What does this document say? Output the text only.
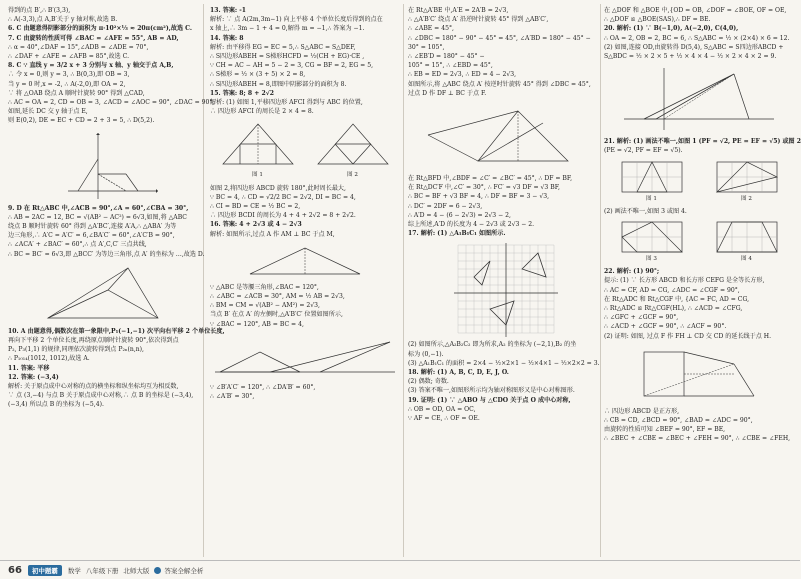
得到的点 B′,∴ B′(3,3),
∴ A(-3,3),点 A,B′关于 y 轴对称,故选 B.
6. C 由题意得阴影部分的面积为 π·10²×⅓ ≈ 20π(cm²),故选 C.
7. C 由旋转的性质可得 ∠BAC = ∠AFE = 55°, AB = AD,
∴ α = 40°,∠DAF = 15°,∠ADB = ∠ADE = 70°,
∴ ∠DAF + ∠AFE = ∠AFB = 85°,故选 C.
8. C ∵ 直线 y = 3/2 x + 3 分别与 x 轴、y 轴交于点 A,B,
∴ 令 x = 0,则 y = 3, ∴ B(0,3),即 OB = 3,
当 y = 0 时,x = -2, ∴ A(-2,0),即 OA = 2,
∵ 将 △OAB 绕点 A 顺时针旋转 90° 得到 △CAD,
∴ AC = OA = 2, CD = OB = 3, ∠ACD = ∠AOC = 90°, ∠DAC = 90°,
如图,延长 DC 交 y 轴于点 E,
则 E(0,2), DE = EC + CD = 2 + 3 = 5, ∴ D(5,2).
9. D 在 Rt△ABC 中,∠ACB = 90°,∠A = 60°,∠CBA = 30°,
∴ AB = 2AC = 12, BC = √(AB² − AC²) = 6√3,如图,将 △ABC
绕点 B 顺时针旋转 60° 得到 △A′BC′,连接 A′A,∴ △ABA′ 为等
边三角形,∴ A′C = A′C′ = 6,∠BA′C′ = 60°,∠A′C′B = 90°,
∴ ∠ACA′ + ∠BAC′ = 60°,∴ 点 A′,C,C′ 三点共线,
∴ BC = BC′ = 6√3,即 △BCC′ 为等边三角形,点 A′ 的坐标为 …,故选 D.
10. A 由题意得,偶数次在第一象限中,P₁(−1,−1) 次平向右平移 2 个单位长度,
再向下平移 2 个单位长度,再绕原点顺时针旋转 90°,依次得到点
P₂, P₃(1,1) 的规律,同理依次旋转得到点 P₂ₙ(n,n),
∴ P₁₀₁₄(1012, 1012),故选 A.
11. 答案: 平移
12. 答案: (−3,4)
解析: 关于原点成中心对称的点的横坐标和纵坐标均互为相反数,
∵ 点 (3,−4) 与点 B 关于原点成中心对称,∴ 点 B 的坐标是 (−3,4),
(−3,4) 所以点 B 的坐标为 (−5,4).
13. 答案: -1
解析: ∵ 点 A(2m,3m−1) 向上平移 4 个单位长度后得到的点在
x 轴上,∴ 3m − 1 + 4 = 0,解得 m = −1,∴ 答案为 −1.
14. 答案: 8
解析: 由平移得 EG = EC = 5,∴ S△ABC = S△DEF,
∴ S四边形ABEH = S梯形HCFD = ½(CH + EG)·CE ,
∵ CH = AC − AH = 5 − 2 = 3, CG = BF = 2, EG = 5,
∴ S梯形 = ½ × (3 + 5) × 2 = 8,
∴ S四边形ABEH = 8,即图中阴影部分的面积为 8.
15. 答案: 8; 8 + 2√2
解析: (1) 如图 1,平移四边形 AFCI 得到与 ABC 的位置,
∴ 四边形 AFCI 的周长是 2 × 4 = 8.
图 1	图 2
如图 2,将四边形 ABCD 旋转 180°,此时周长最大,
∵ BC = 4, ∴ CD = √2/2 BC = 2√2, DI = BC = 4,
∴ CI = BD = CE = ½ BC = 2,
∴ 四边形 BCDI 的周长为 4 + 4 + 2√2 = 8 + 2√2.
16. 答案: 4 + 2√3 或 4 − 2√3
解析: 如图所示,过点 A 作 AM ⊥ BC 于点 M,
∵ △ABC 是等腰三角形,∠BAC = 120°,
∴ ∠ABC = ∠ACB = 30°, AM = ½ AB = 2√3,
∴ BM = CM = √(AB² − AM²) = 2√3,
当点 B′ 在点 A′ 的左侧时,△A′B′C′ 位置如图所示,
∵ ∠BAC = 120°, AB = BC = 4,
∵ ∠B′A′C′ = 120°, ∴ ∠DA′B′ = 60°,
∴ ∠A′B′ = 30°,
在 Rt△A′BE 中,A′E = 2A′B = 2√3,
∴ △A′B′C′ 绕点 A′ 沿逆时针旋转 45° 得到 △AB′C′,
∴ ∠ABE = 45°,
∴ ∠DBC = 180° − 90° − 45° = 45°, ∠A′BD = 180° − 45° −
30° = 105°,
∴ ∠EB′D = 180° − 45° −
105° = 15°, ∴ ∠EBD = 45°,
∴ EB = ED = 2√3, ∴ ED = 4 − 2√3,
如图所示,将 △ABC 绕点 A′ 按逆时针旋转 45° 得到 ∠DBC = 45°,
过点 D 作 DF ⊥ BC 于点 F.
在 Rt△BFD 中,∠BDF = ∠C′ = ∠BC′ = 45°, ∴ DF = BF,
在 Rt△DC′F 中,∠C′ = 30°, ∴ FC′ = √3 DF = √3 BF,
∴ BC = BF + √3 BF = 4, ∴ DF = BF = 3 − √3,
∴ DC′ = 2DF = 6 − 2√3,
∴ A′D = 4 − (6 − 2√3) = 2√3 − 2,
综上所述,A′D 的长度为 4 − 2√3 或 2√3 − 2.
17. 解析: (1) △A₁B₁C₁ 如图所示.
(2) 如图所示,△A₂B₂C₂ 即为所求,A₂ 的坐标为 (−2,1),B₂ 的坐
标为 (0,−1).
(3) △A₁B₁C₁ 的面积 = 2×4 − ½×2×1 − ½×4×1 − ½×2×2 = 3.
18. 解析: (1) A, B, C, D, E, J, O.
(2) 偶数; 奇数.
(3) 答案不唯一,如图形所示均为轴对称图形又是中心对称图形.
19. 证明: (1) ∵ △ABO 与 △CDO 关于点 O 成中心对称,
∴ OB = OD, OA = OC,
∵ AF = CE, ∴ OF = OE.
在 △DOF 和 △BOE 中,{OD = OB, ∠DOF = ∠BOE, OF = OE,
∴ △DOF ≌ △BOE(SAS),∴ DF = BE.
20. 解析: (1) ∵ B(−1,0), A(−2,0), C(4,0),
∴ OA = 2, OB = 2, BC = 6, ∴ S△ABC = ½ × (2×4) × 6 = 12.
(2) 如图,连接 OD,由旋转得 D(5,4), S△ABC = S四边形ABCD +
S△BDC = ½ × 2 × 5 + ½ × 4 × 4 − ½ × 2 × 4 × 2 = 9.
21. 解析: (1) 画法不唯一,如图 1 (PF = √2, PE = EF = √5) 或图 2
(PE = √2, PF = EF = √5).
图 1	图 2
(2) 画法不唯一,如图 3 或图 4.
图 3	图 4
22. 解析: (1) 90°;
提示: (1) ∵ 长方形 ABCD 和长方形 CEFG 是全等长方形,
∴ AC = CF, AD = CG, ∠ADC = ∠CGF = 90°,
在 Rt△ADC 和 Rt△CGF 中, {AC = FC, AD = CG,
∴ Rt△ADC ≌ Rt△CGF(HL), ∴ ∠ACD = ∠CFG,
∴ ∠GFC + ∠GCF = 90°,
∴ ∠ACD + ∠GCF = 90°, ∴ ∠ACF = 90°.
(2) 证明: 如图, 过点 F 作 FH ⊥ CD 交 CD 的延长线于点 H.
∴ 四边形 ABCD 是正方形,
∴ CB = CD, ∠BCD = 90°, ∠BAD = ∠ADC = 90°,
由旋转的性质可知 ∠BEF = 90°, EF = BE,
∴ ∠BEC + ∠CBE = ∠BEC + ∠FEH = 90°, ∴ ∠CBE = ∠FEH,
66	初中题霸	数学 八年级下册 北师大版 答案全解全析
